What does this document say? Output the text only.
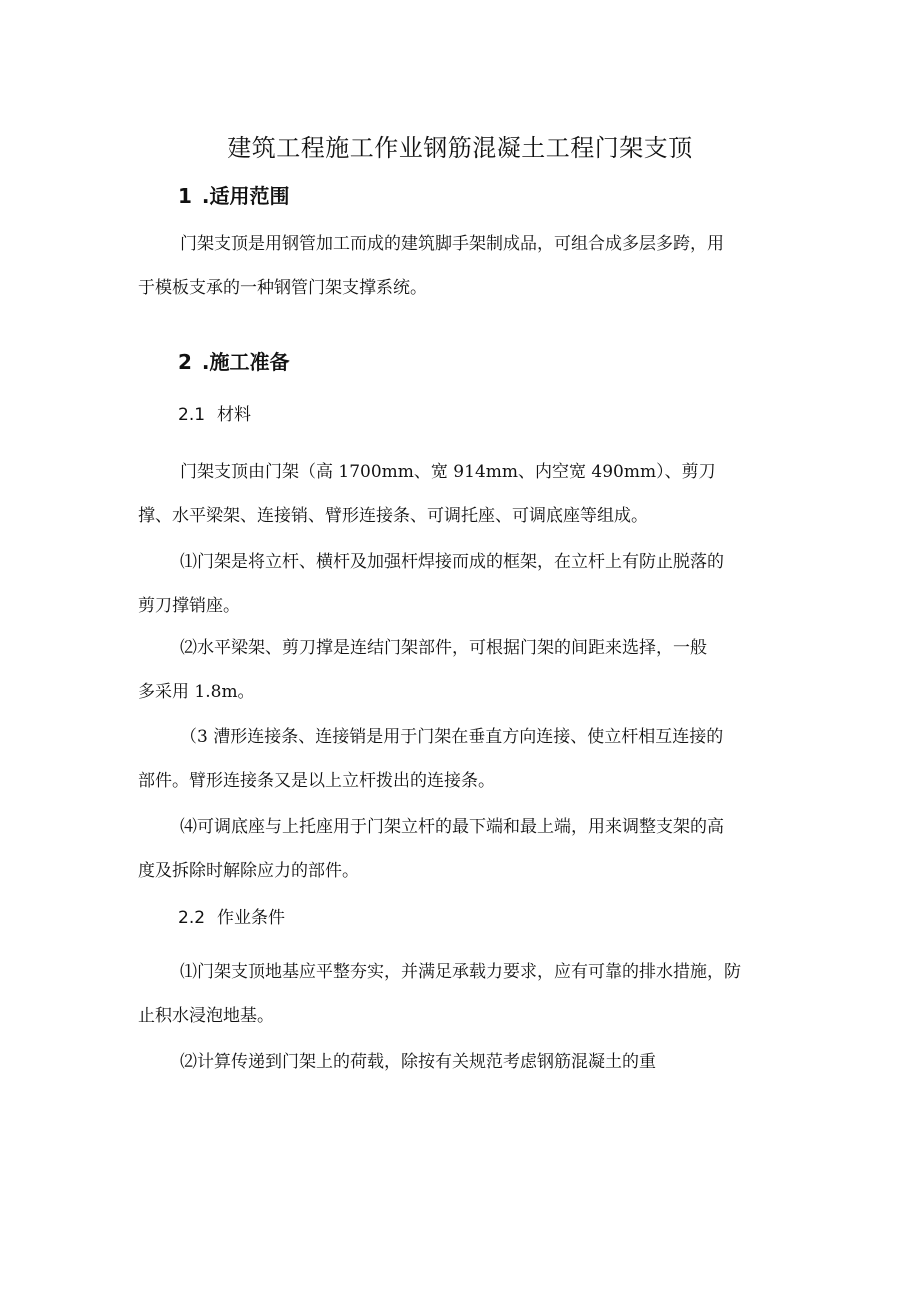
建筑工程施工作业钢筋混凝土工程门架支顶
1 .适用范围
门架支顶是用钢管加工而成的建筑脚手架制成品，可组合成多层多跨，用
于模板支承的一种钢管门架支撑系统。
2 .施工准备
2.1 材料
门架支顶由门架（高 1700mm、宽 914mm、内空宽 490mm）、剪刀
撑、水平梁架、连接销、臂形连接条、可调托座、可调底座等组成。
⑴门架是将立杆、横杆及加强杆焊接而成的框架，在立杆上有防止脱落的
剪刀撑销座。
⑵水平梁架、剪刀撑是连结门架部件，可根据门架的间距来选择，一般
多采用 1.8m。
（3 漕形连接条、连接销是用于门架在垂直方向连接、使立杆相互连接的
部件。臂形连接条又是以上立杆拨出的连接条。
⑷可调底座与上托座用于门架立杆的最下端和最上端，用来调整支架的高
度及拆除时解除应力的部件。
2.2 作业条件
⑴门架支顶地基应平整夯实，并满足承载力要求，应有可靠的排水措施，防
止积水浸泡地基。
⑵计算传递到门架上的荷载，除按有关规范考虑钢筋混凝土的重
